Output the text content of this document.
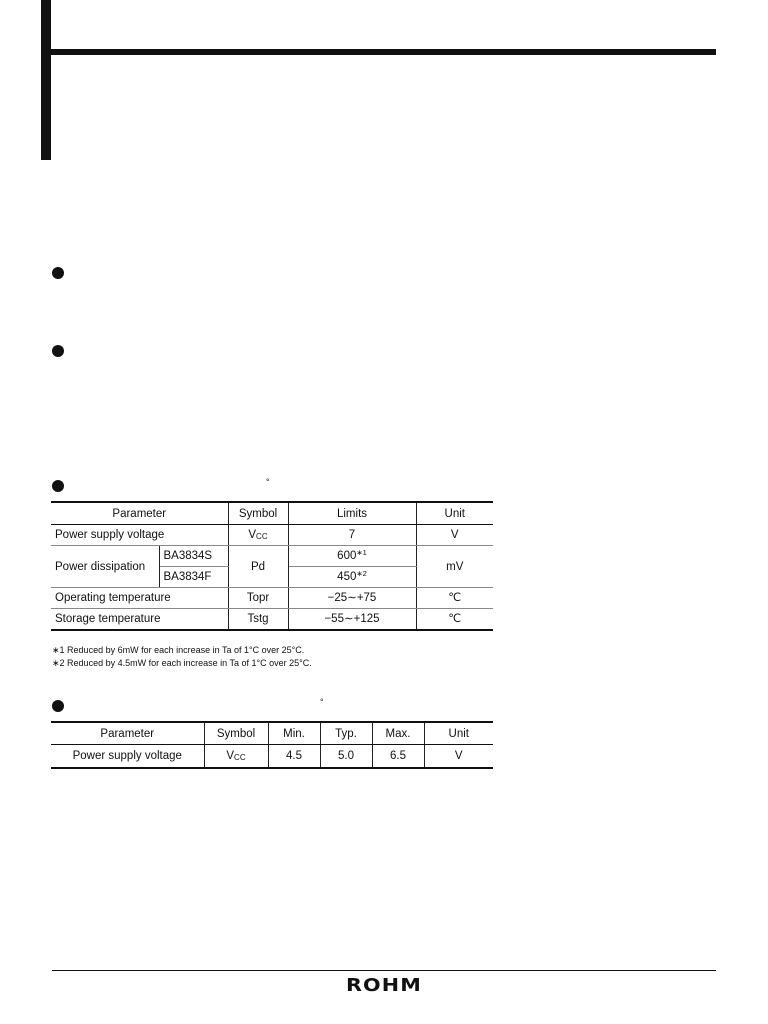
°
Parameter		Symbol	Limits	Unit
Power supply voltage		$V_{CC}$	7	V
Power dissipation	BA3834S	Pd	$600^{∗1}$	mV
	BA3834F		$450^{∗2}$
Operating temperature		Topr	−25∼+75	℃
Storage temperature		Tstg	−55∼+125	℃
∗1 Reduced by 6mW for each increase in Ta of 1°C over 25°C.
∗2 Reduced by 4.5mW for each increase in Ta of 1°C over 25°C.
°
Parameter	Symbol	Min.	Typ.	Max.	Unit
Power supply voltage	$V_{CC}$	4.5	5.0	6.5	V
ROHM
